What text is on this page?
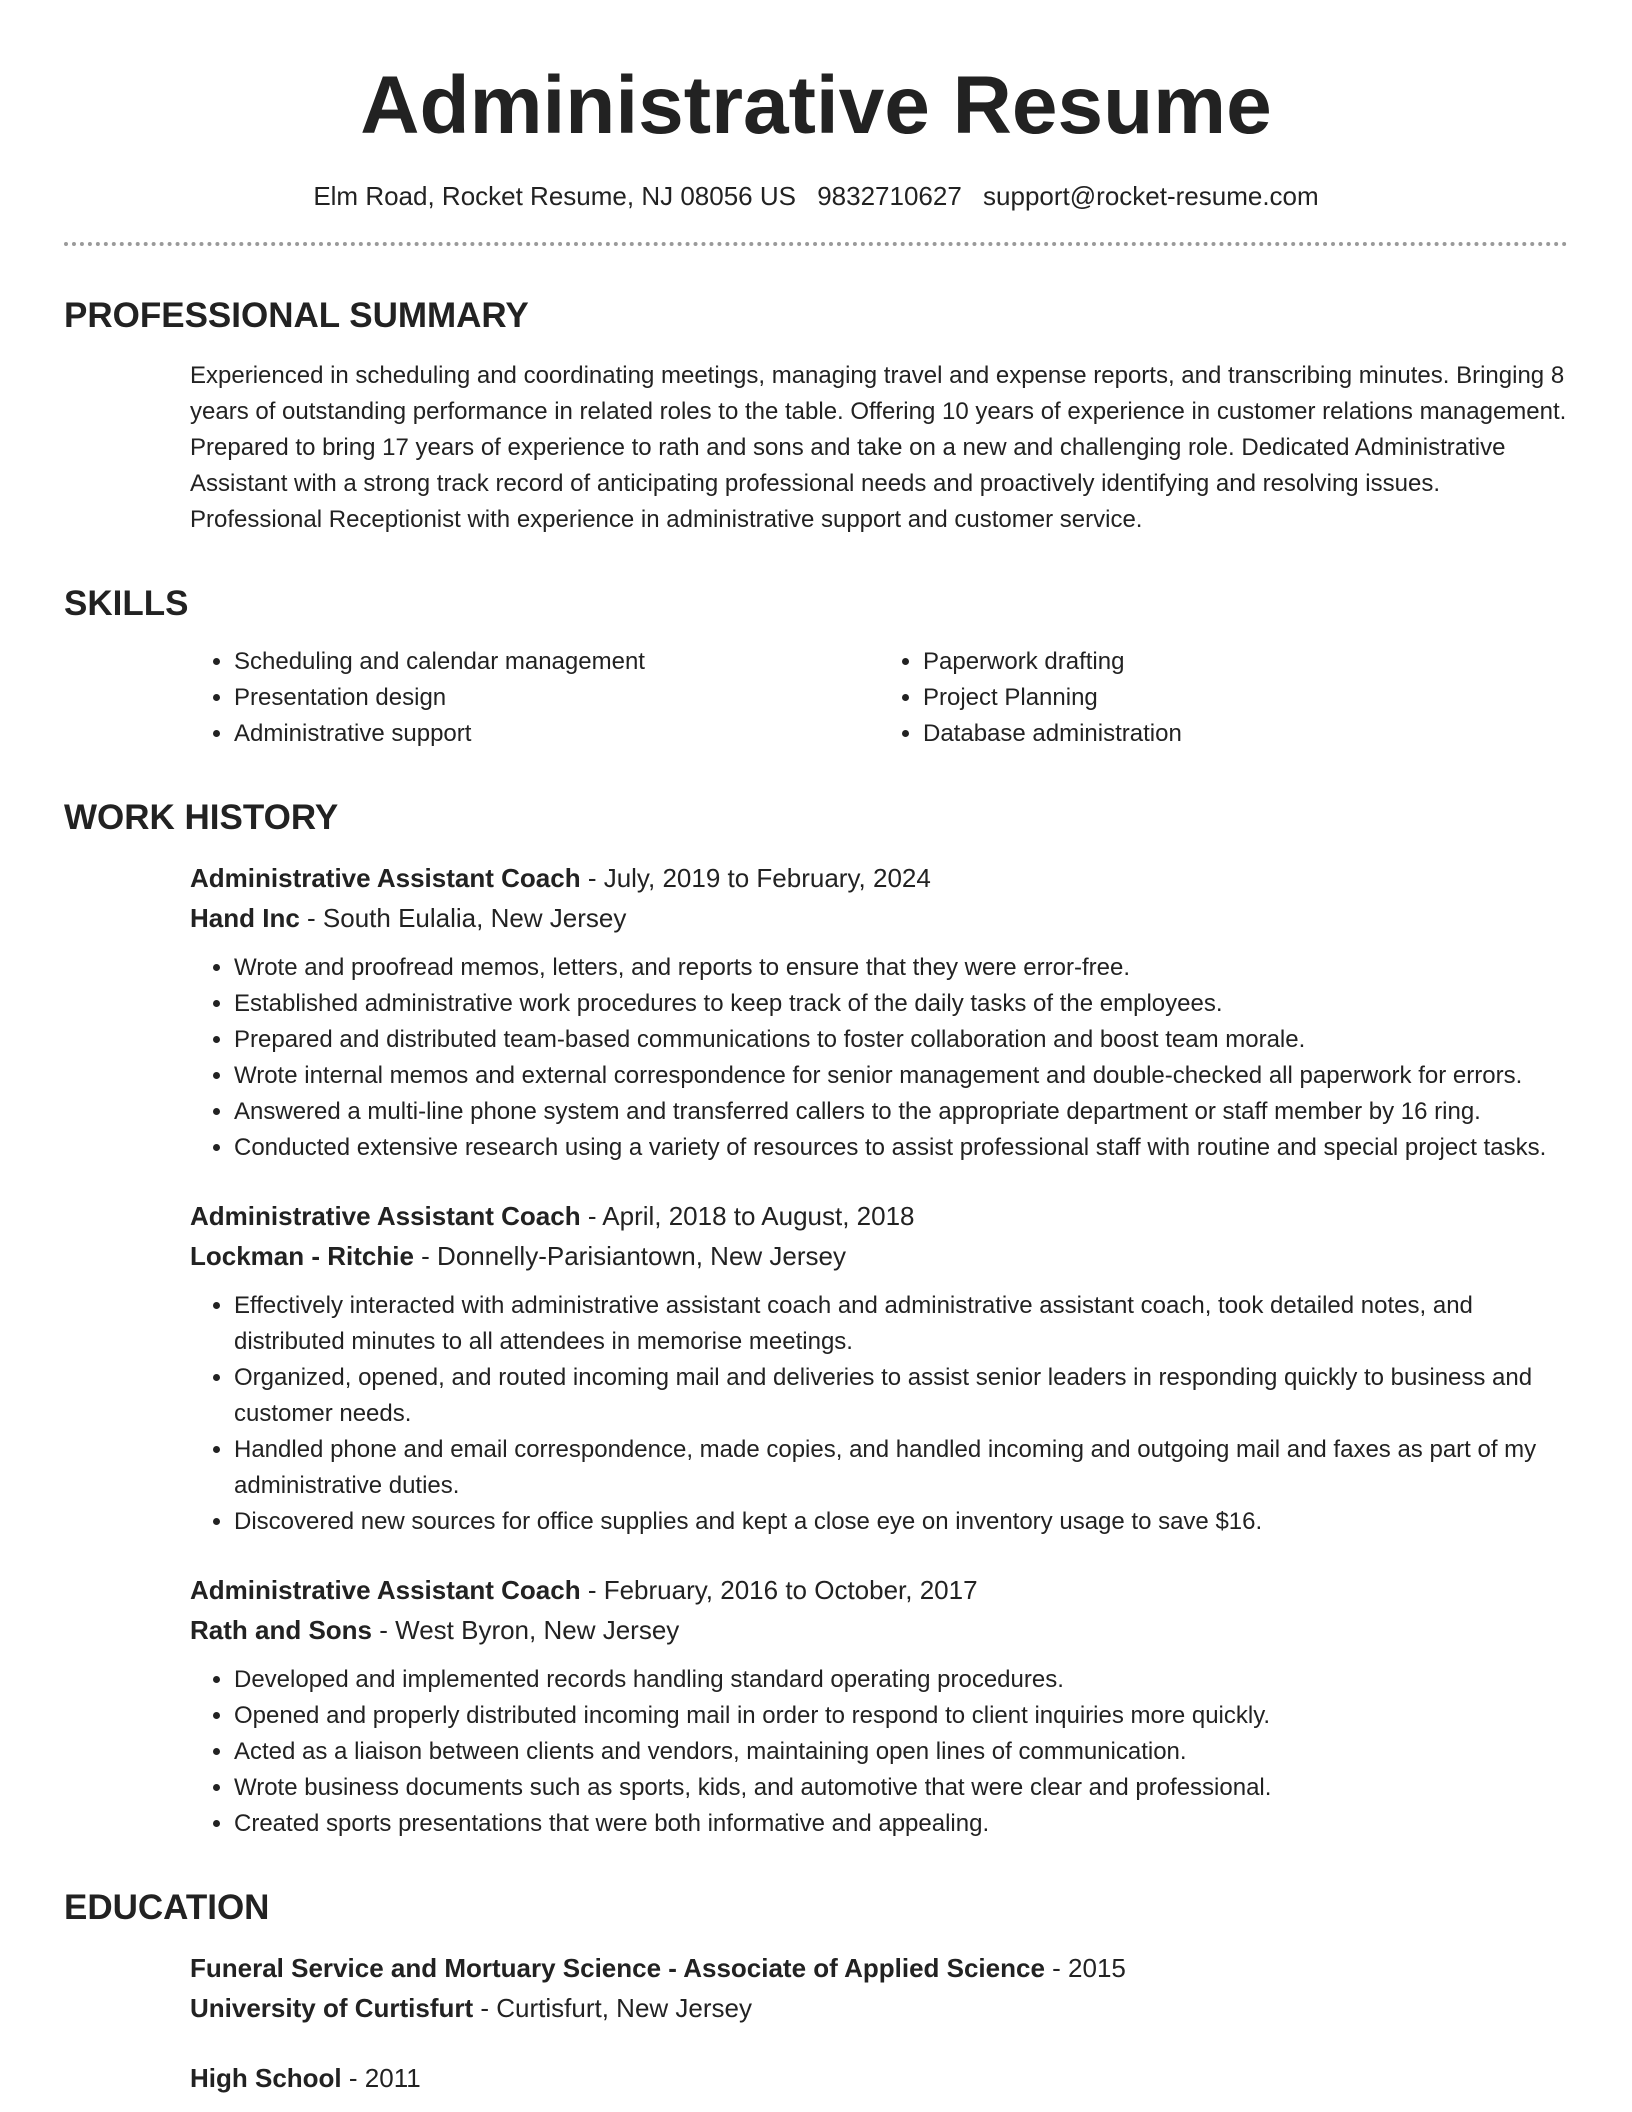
Administrative Resume
Elm Road, Rocket Resume, NJ 08056 US 9832710627 support@rocket-resume.com
PROFESSIONAL SUMMARY

Experienced in scheduling and coordinating meetings, managing travel and expense reports, and transcribing minutes. Bringing 8 years of outstanding performance in related roles to the table. Offering 10 years of experience in customer relations management. Prepared to bring 17 years of experience to rath and sons and take on a new and challenging role. Dedicated Administrative Assistant with a strong track record of anticipating professional needs and proactively identifying and resolving issues. Professional Receptionist with experience in administrative support and customer service.

SKILLS
• Scheduling and calendar management
• Presentation design
• Administrative support
• Paperwork drafting
• Project Planning
• Database administration
WORK HISTORY
Administrative Assistant Coach - July, 2019 to February, 2024
Hand Inc - South Eulalia, New Jersey
• Wrote and proofread memos, letters, and reports to ensure that they were error-free.
• Established administrative work procedures to keep track of the daily tasks of the employees.
• Prepared and distributed team-based communications to foster collaboration and boost team morale.
• Wrote internal memos and external correspondence for senior management and double-checked all paperwork for errors.
• Answered a multi-line phone system and transferred callers to the appropriate department or staff member by 16 ring.
• Conducted extensive research using a variety of resources to assist professional staff with routine and special project tasks.
Administrative Assistant Coach - April, 2018 to August, 2018
Lockman - Ritchie - Donnelly-Parisiantown, New Jersey
• Effectively interacted with administrative assistant coach and administrative assistant coach, took detailed notes, and distributed minutes to all attendees in memorise meetings.
• Organized, opened, and routed incoming mail and deliveries to assist senior leaders in responding quickly to business and customer needs.
• Handled phone and email correspondence, made copies, and handled incoming and outgoing mail and faxes as part of my administrative duties.
• Discovered new sources for office supplies and kept a close eye on inventory usage to save $16.
Administrative Assistant Coach - February, 2016 to October, 2017
Rath and Sons - West Byron, New Jersey
• Developed and implemented records handling standard operating procedures.
• Opened and properly distributed incoming mail in order to respond to client inquiries more quickly.
• Acted as a liaison between clients and vendors, maintaining open lines of communication.
• Wrote business documents such as sports, kids, and automotive that were clear and professional.
• Created sports presentations that were both informative and appealing.
EDUCATION
Funeral Service and Mortuary Science - Associate of Applied Science - 2015
University of Curtisfurt - Curtisfurt, New Jersey
High School - 2011
